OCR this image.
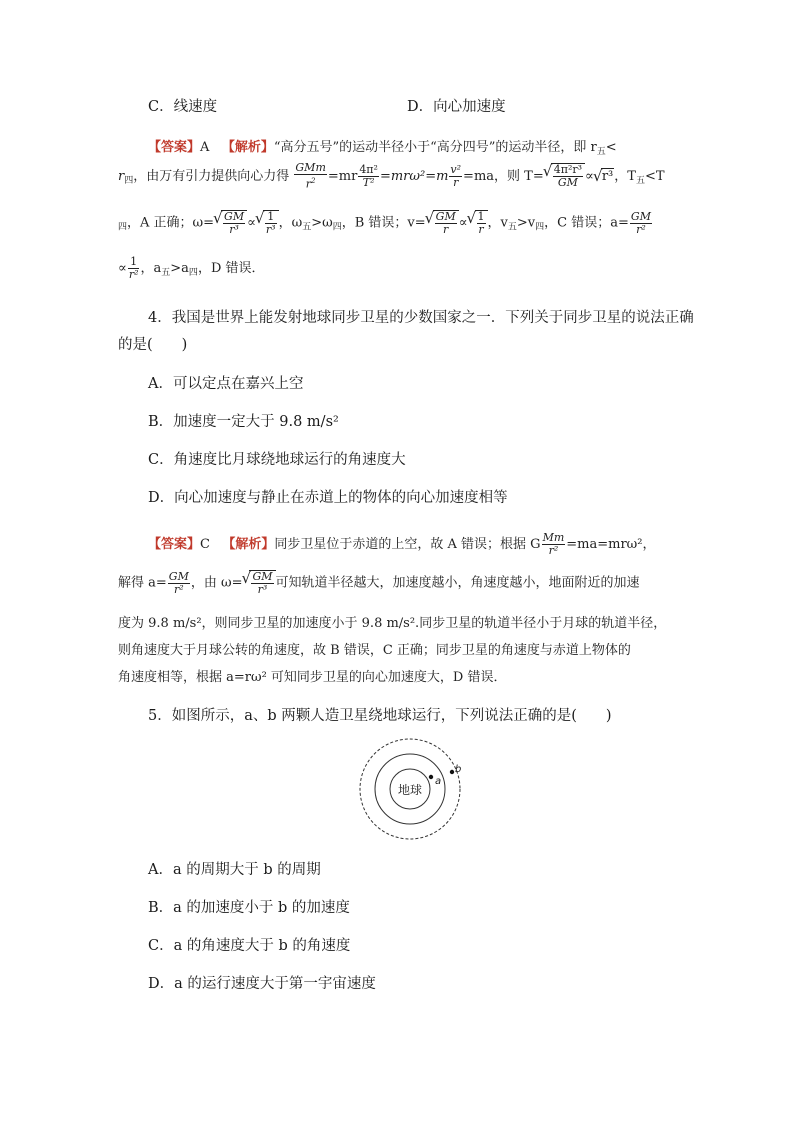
C．线速度	D．向心加速度
【答案】A 【解析】“高分五号”的运动半径小于“高分四号”的运动半径，即 $r_五<$
$r_四$，由万有引力提供向心力得 $\frac{\text{GMm}}{r^2} =mr \frac{\text{4π²}}{\text{T²}} =mr\omega^2=m \frac{\text{v²}}{r} =ma$，则 T= √ $\frac{\text{4π²r³}}{GM}$ ∝ √ r³，$T_五<T$
$_四$，A 正确；ω= √ $\frac{GM}{\text{r³}}$ ∝ √ $\frac{1}{\text{r³}}$ ，$\omega_五>\omega_四$，B 错误；v= √ $\frac{GM}{r}$ ∝ √ $\frac{1}{r}$ ，$v_五>v_四$，C 错误；$a= \frac{GM}{\text{r²}}$
∝ $\frac{1}{\text{r²}}$ ，$a_五>a_四$，D 错误．
4．我国是世界上能发射地球同步卫星的少数国家之一．下列关于同步卫星的说法正确
的是(　　)
A．可以定点在嘉兴上空
B．加速度一定大于 9.8 m/s²
C．角速度比月球绕地球运行的角速度大
D．向心加速度与静止在赤道上的物体的向心加速度相等
【答案】C 【解析】同步卫星位于赤道的上空，故 A 错误；根据 G $\frac{Mm}{\text{r²}} =ma=mr\omega^2$，
解得 $a= \frac{GM}{\text{r²}}$ ，由 ω= √ $\frac{GM}{\text{r³}}$ 可知轨道半径越大，加速度越小，角速度越小，地面附近的加速
度为 9.8 m/s²，则同步卫星的加速度小于 9.8 m/s².同步卫星的轨道半径小于月球的轨道半径，
则角速度大于月球公转的角速度，故 B 错误，C 正确；同步卫星的角速度与赤道上物体的
角速度相等，根据 a=rω² 可知同步卫星的向心加速度大，D 错误．
5．如图所示，a、b 两颗人造卫星绕地球运行，下列说法正确的是(　　)
地球
a
b
A．a 的周期大于 b 的周期
B．a 的加速度小于 b 的加速度
C．a 的角速度大于 b 的角速度
D．a 的运行速度大于第一宇宙速度
